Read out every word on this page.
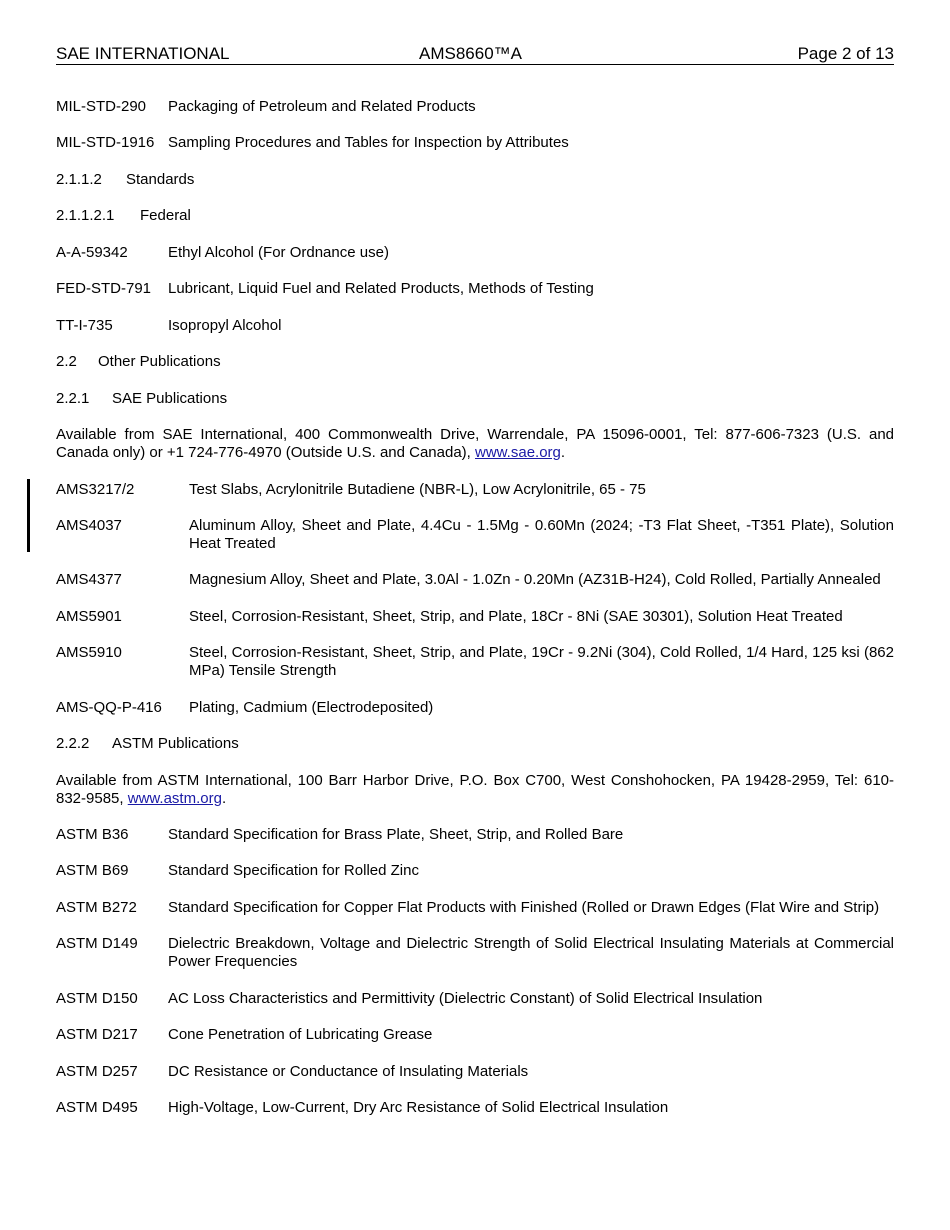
SAE INTERNATIONAL	AMS8660™A	Page 2 of 13
MIL-STD-290 Packaging of Petroleum and Related Products
MIL-STD-1916 Sampling Procedures and Tables for Inspection by Attributes
2.1.1.2 Standards
2.1.1.2.1 Federal
A-A-59342	Ethyl Alcohol (For Ordnance use)
FED-STD-791 Lubricant, Liquid Fuel and Related Products, Methods of Testing
TT-I-735	Isopropyl Alcohol
2.2 Other Publications
2.2.1 SAE Publications
Available from SAE International, 400 Commonwealth Drive, Warrendale, PA 15096-0001, Tel: 877-606-7323 (U.S. and Canada only) or +1 724-776-4970 (Outside U.S. and Canada), www.sae.org.
AMS3217/2	Test Slabs, Acrylonitrile Butadiene (NBR-L), Low Acrylonitrile, 65 - 75
AMS4037	Aluminum Alloy, Sheet and Plate, 4.4Cu - 1.5Mg - 0.60Mn (2024; -T3 Flat Sheet, -T351 Plate), Solution Heat Treated
AMS4377	Magnesium Alloy, Sheet and Plate, 3.0Al - 1.0Zn - 0.20Mn (AZ31B-H24), Cold Rolled, Partially Annealed
AMS5901	Steel, Corrosion-Resistant, Sheet, Strip, and Plate, 18Cr - 8Ni (SAE 30301), Solution Heat Treated
AMS5910	Steel, Corrosion-Resistant, Sheet, Strip, and Plate, 19Cr - 9.2Ni (304), Cold Rolled, 1/4 Hard, 125 ksi (862 MPa) Tensile Strength
AMS-QQ-P-416 Plating, Cadmium (Electrodeposited)
2.2.2 ASTM Publications
Available from ASTM International, 100 Barr Harbor Drive, P.O. Box C700, West Conshohocken, PA 19428-2959, Tel: 610-832-9585, www.astm.org.
ASTM B36	Standard Specification for Brass Plate, Sheet, Strip, and Rolled Bare
ASTM B69	Standard Specification for Rolled Zinc
ASTM B272 Standard Specification for Copper Flat Products with Finished (Rolled or Drawn Edges (Flat Wire and Strip)
ASTM D149 Dielectric Breakdown, Voltage and Dielectric Strength of Solid Electrical Insulating Materials at Commercial Power Frequencies
ASTM D150 AC Loss Characteristics and Permittivity (Dielectric Constant) of Solid Electrical Insulation
ASTM D217 Cone Penetration of Lubricating Grease
ASTM D257 DC Resistance or Conductance of Insulating Materials
ASTM D495 High-Voltage, Low-Current, Dry Arc Resistance of Solid Electrical Insulation
